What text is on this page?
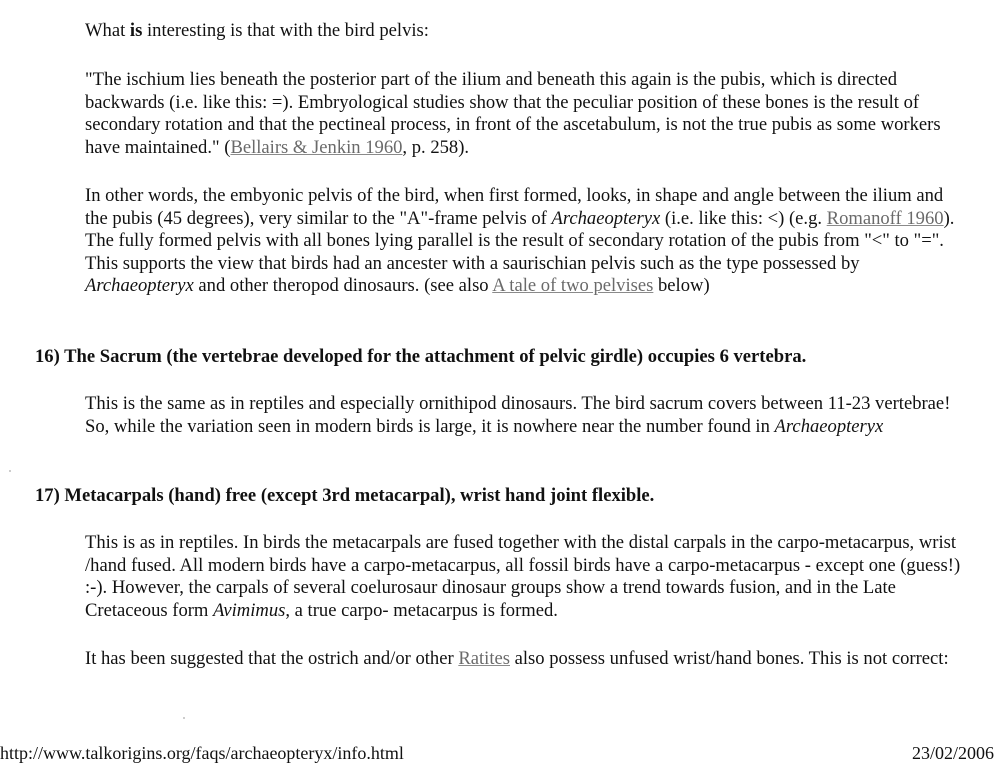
What is interesting is that with the bird pelvis:

"The ischium lies beneath the posterior part of the ilium and beneath this again is the pubis, which is directed backwards (i.e. like this: =). Embryological studies show that the peculiar position of these bones is the result of secondary rotation and that the pectineal process, in front of the ascetabulum, is not the true pubis as some workers have maintained." (Bellairs & Jenkin 1960, p. 258).

In other words, the embyonic pelvis of the bird, when first formed, looks, in shape and angle between the ilium and the pubis (45 degrees), very similar to the "A"-frame pelvis of Archaeopteryx (i.e. like this: <) (e.g. Romanoff 1960). The fully formed pelvis with all bones lying parallel is the result of secondary rotation of the pubis from "<" to "=". This supports the view that birds had an ancester with a saurischian pelvis such as the type possessed by Archaeopteryx and other theropod dinosaurs. (see also A tale of two pelvises below)

16) The Sacrum (the vertebrae developed for the attachment of pelvic girdle) occupies 6 vertebra.

This is the same as in reptiles and especially ornithipod dinosaurs. The bird sacrum covers between 11-23 vertebrae! So, while the variation seen in modern birds is large, it is nowhere near the number found in Archaeopteryx

17) Metacarpals (hand) free (except 3rd metacarpal), wrist hand joint flexible.

This is as in reptiles. In birds the metacarpals are fused together with the distal carpals in the carpo-metacarpus, wrist /hand fused. All modern birds have a carpo-metacarpus, all fossil birds have a carpo-metacarpus - except one (guess!) :-). However, the carpals of several coelurosaur dinosaur groups show a trend towards fusion, and in the Late Cretaceous form Avimimus, a true carpo- metacarpus is formed.

It has been suggested that the ostrich and/or other Ratites also possess unfused wrist/hand bones. This is not correct:

http://www.talkorigins.org/faqs/archaeopteryx/info.html	23/02/2006
